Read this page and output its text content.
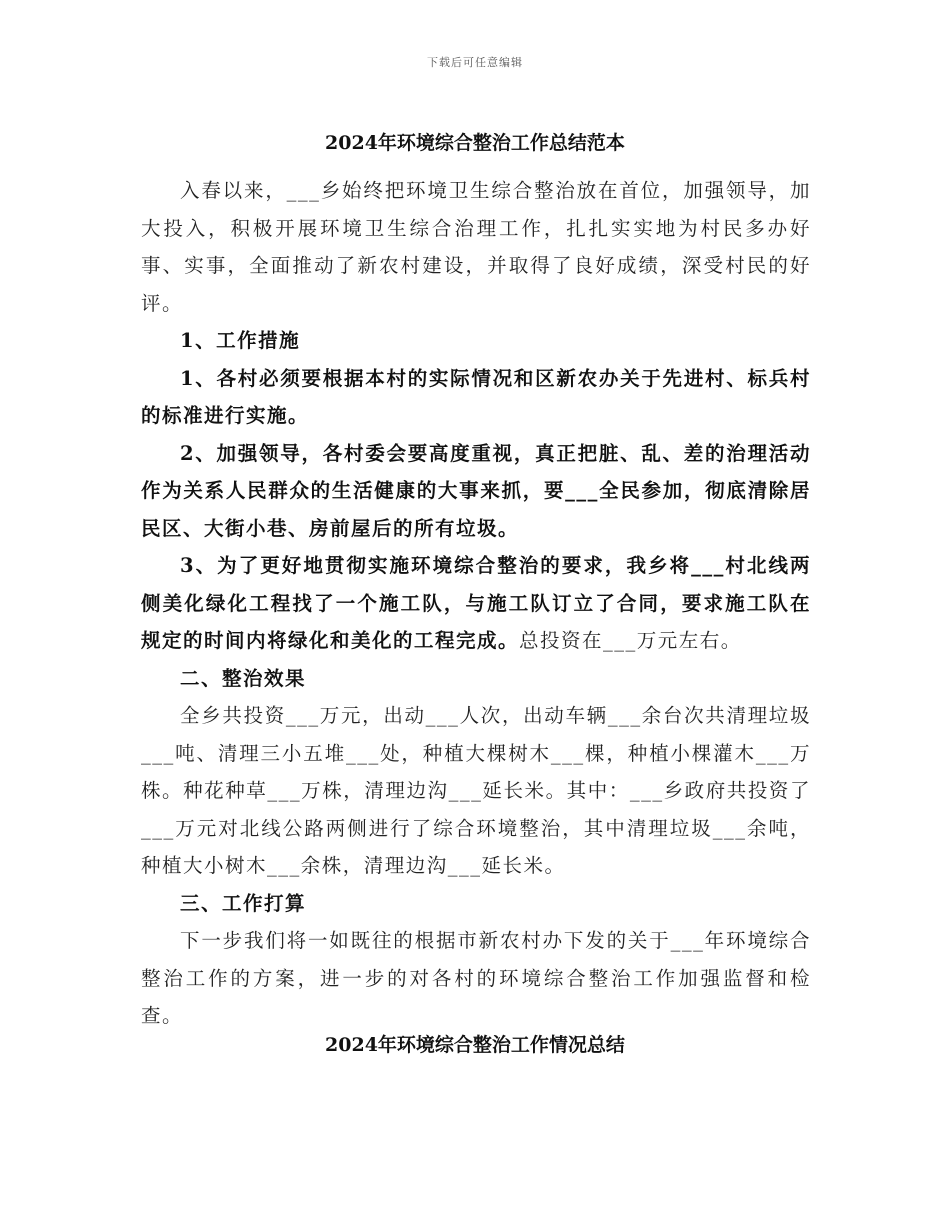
下载后可任意编辑
2024年环境综合整治工作总结范本

入春以来，___乡始终把环境卫生综合整治放在首位，加强领导，加大投入，积极开展环境卫生综合治理工作，扎扎实实地为村民多办好事、实事，全面推动了新农村建设，并取得了良好成绩，深受村民的好评。

1、工作措施

1、各村必须要根据本村的实际情况和区新农办关于先进村、标兵村的标准进行实施。

2、加强领导，各村委会要高度重视，真正把脏、乱、差的治理活动作为关系人民群众的生活健康的大事来抓，要___全民参加，彻底清除居民区、大街小巷、房前屋后的所有垃圾。

3、为了更好地贯彻实施环境综合整治的要求，我乡将___村北线两侧美化绿化工程找了一个施工队，与施工队订立了合同，要求施工队在规定的时间内将绿化和美化的工程完成。总投资在___万元左右。

二、整治效果

全乡共投资___万元，出动___人次，出动车辆___余台次共清理垃圾___吨、清理三小五堆___处，种植大棵树木___棵，种植小棵灌木___万株。种花种草___万株，清理边沟___延长米。其中：___乡政府共投资了___万元对北线公路两侧进行了综合环境整治，其中清理垃圾___余吨，种植大小树木___余株，清理边沟___延长米。

三、工作打算

下一步我们将一如既往的根据市新农村办下发的关于___年环境综合整治工作的方案，进一步的对各村的环境综合整治工作加强监督和检查。

2024年环境综合整治工作情况总结
